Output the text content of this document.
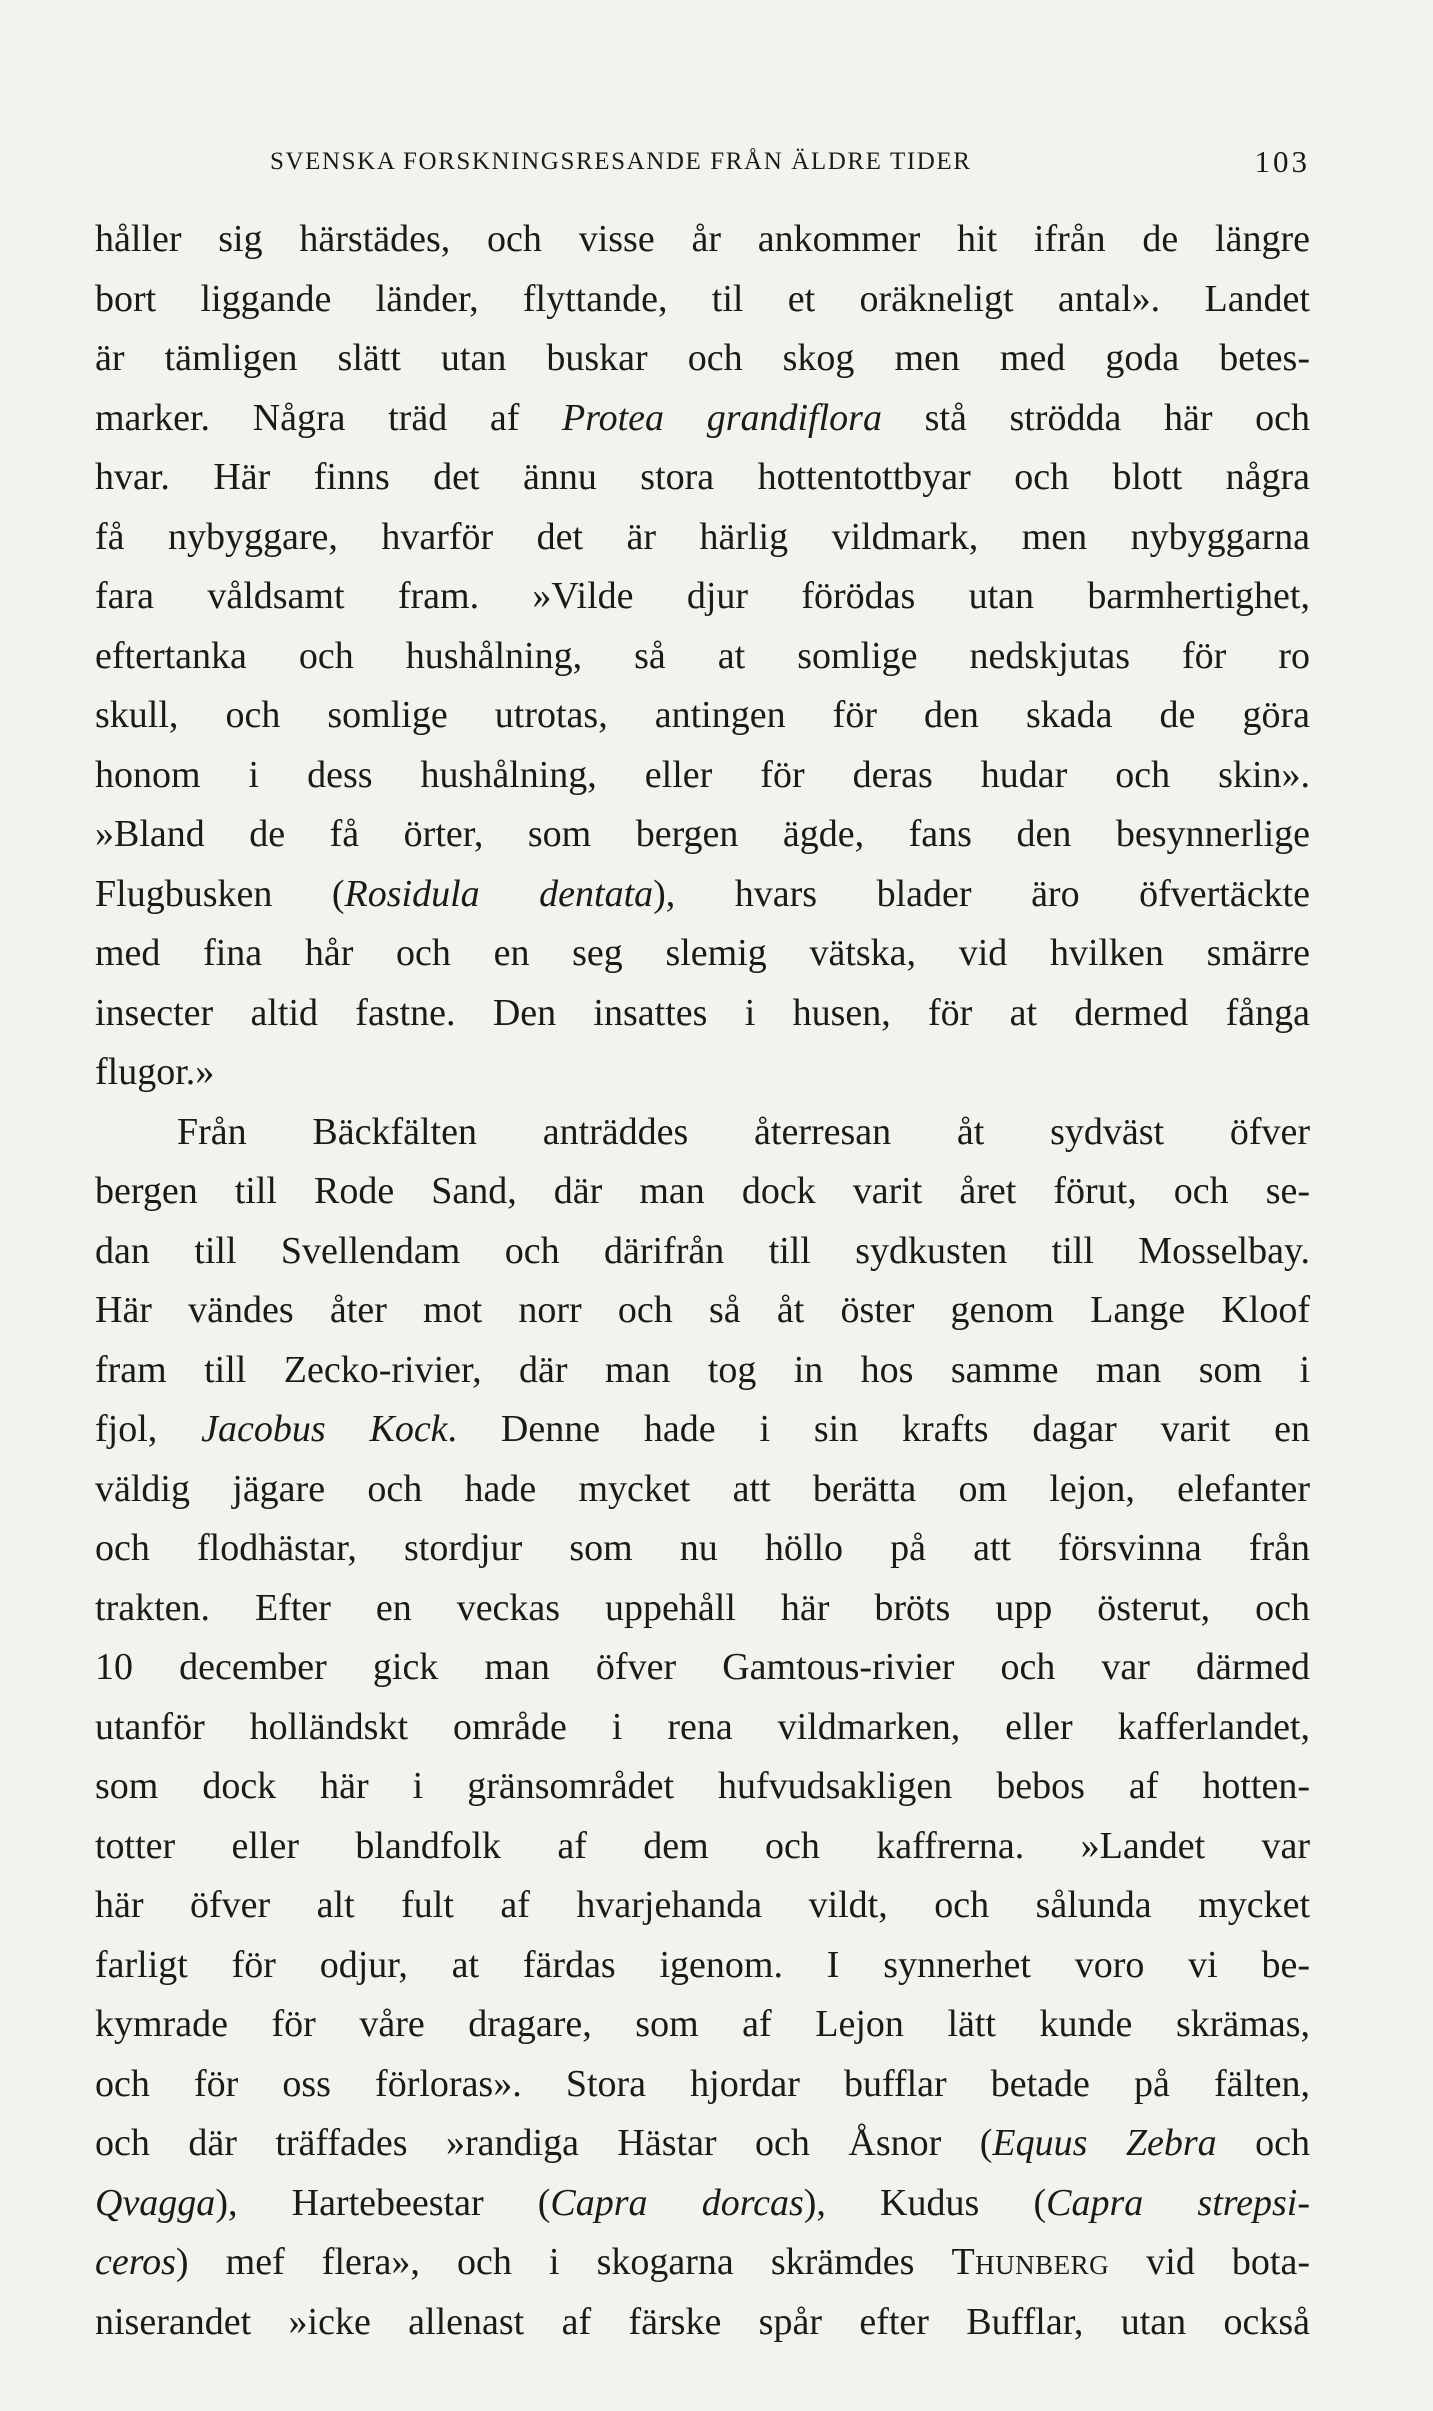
SVENSKA FORSKNINGSRESANDE FRÅN ÄLDRE TIDER	103
håller sig härstädes, och visse år ankommer hit ifrån de längre
bort liggande länder, flyttande, til et oräkneligt antal». Landet
är tämligen slätt utan buskar och skog men med goda betes-
marker. Några träd af Protea grandiflora stå strödda här och
hvar. Här finns det ännu stora hottentottbyar och blott några
få nybyggare, hvarför det är härlig vildmark, men nybyggarna
fara våldsamt fram. »Vilde djur förödas utan barmhertighet,
eftertanka och hushålning, så at somlige nedskjutas för ro
skull, och somlige utrotas, antingen för den skada de göra
honom i dess hushålning, eller för deras hudar och skin».
»Bland de få örter, som bergen ägde, fans den besynnerlige
Flugbusken (Rosidula dentata), hvars blader äro öfvertäckte
med fina hår och en seg slemig vätska, vid hvilken smärre
insecter altid fastne. Den insattes i husen, för at dermed fånga
flugor.»
Från Bäckfälten anträddes återresan åt sydväst öfver
bergen till Rode Sand, där man dock varit året förut, och se-
dan till Svellendam och därifrån till sydkusten till Mosselbay.
Här vändes åter mot norr och så åt öster genom Lange Kloof
fram till Zecko-rivier, där man tog in hos samme man som i
fjol, Jacobus Kock. Denne hade i sin krafts dagar varit en
väldig jägare och hade mycket att berätta om lejon, elefanter
och flodhästar, stordjur som nu höllo på att försvinna från
trakten. Efter en veckas uppehåll här bröts upp österut, och
10 december gick man öfver Gamtous-rivier och var därmed
utanför holländskt område i rena vildmarken, eller kafferlandet,
som dock här i gränsområdet hufvudsakligen bebos af hotten-
totter eller blandfolk af dem och kaffrerna. »Landet var
här öfver alt fult af hvarjehanda vildt, och sålunda mycket
farligt för odjur, at färdas igenom. I synnerhet voro vi be-
kymrade för våre dragare, som af Lejon lätt kunde skrämas,
och för oss förloras». Stora hjordar bufflar betade på fälten,
och där träffades »randiga Hästar och Åsnor (Equus Zebra och
Qvagga), Hartebeestar (Capra dorcas), Kudus (Capra strepsi-
ceros) mef flera», och i skogarna skrämdes Thunberg vid bota-
niserandet »icke allenast af färske spår efter Bufflar, utan också
